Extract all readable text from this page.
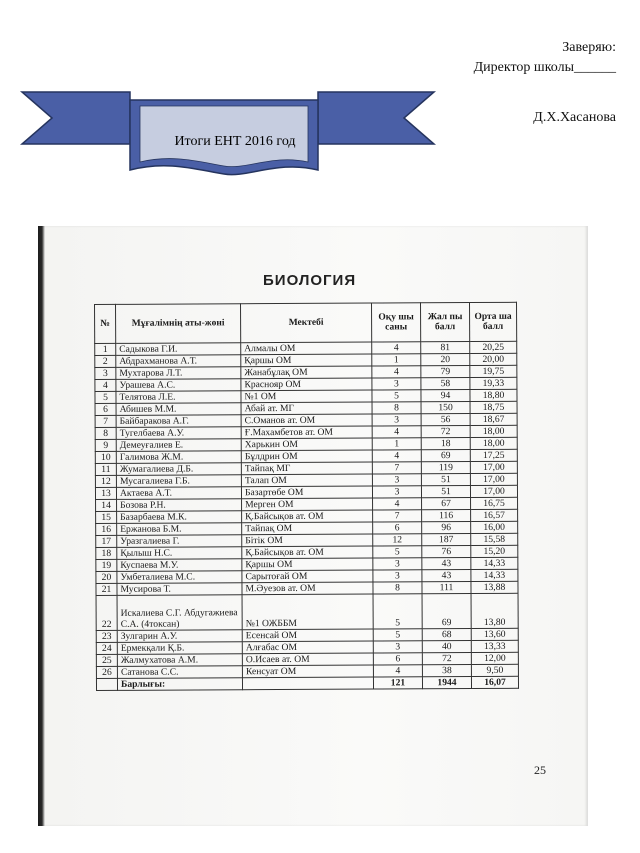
Заверяю:
Директор школы______
Д.Х.Хасанова
Итоги ЕНТ 2016 год
БИОЛОГИЯ
№	Мұғалімнің аты-жөні	Мектебі	Оқу шы саны	Жал пы балл	Орта ша балл
1	Садыкова Г.И.	Алмалы ОМ	4	81	20,25
2	Абдрахманова А.Т.	Қаршы ОМ	1	20	20,00
3	Мухтарова Л.Т.	Жанабұлақ ОМ	4	79	19,75
4	Урашева А.С.	Краснояр ОМ	3	58	19,33
5	Телятова Л.Е.	№1 ОМ	5	94	18,80
6	Абишев М.М.	Абай ат. МГ	8	150	18,75
7	Байбаракова А.Г.	С.Оманов ат. ОМ	3	56	18,67
8	Тугелбаева А.У.	Ғ.Махамбетов ат. ОМ	4	72	18,00
9	Демеуғалиев Е.	Харькин ОМ	1	18	18,00
10	Галимова Ж.М.	Бұлдрин ОМ	4	69	17,25
11	Жумагалиева Д.Б.	Тайпақ МГ	7	119	17,00
12	Мусагалиева Г.Б.	Талап ОМ	3	51	17,00
13	Актаева А.Т.	Базартөбе ОМ	3	51	17,00
14	Бозова Р.Н.	Мерген ОМ	4	67	16,75
15	Базарбаева М.К.	Қ.Байсықов ат. ОМ	7	116	16,57
16	Ержанова Б.М.	Тайпақ ОМ	6	96	16,00
17	Уразгалиева Г.	Бітік ОМ	12	187	15,58
18	Қылыш Н.С.	Қ.Байсықов ат. ОМ	5	76	15,20
19	Куспаева М.У.	Қаршы ОМ	3	43	14,33
20	Умбеталиева М.С.	Сарытоғай ОМ	3	43	14,33
21	Мусирова Т.	М.Әуезов ат. ОМ	8	111	13,88
22	Искалиева С.Г. Абдугажиева С.А. (4токсан)	№1 ОЖББМ	5	69	13,80
23	Зулгарин А.У.	Есенсай ОМ	5	68	13,60
24	Ермекқали Қ.Б.	Алғабас ОМ	3	40	13,33
25	Жалмухатова А.М.	О.Исаев ат. ОМ	6	72	12,00
26	Сатанова С.С.	Кенсуат ОМ	4	38	9,50
	Барлығы:		121	1944	16,07
25
